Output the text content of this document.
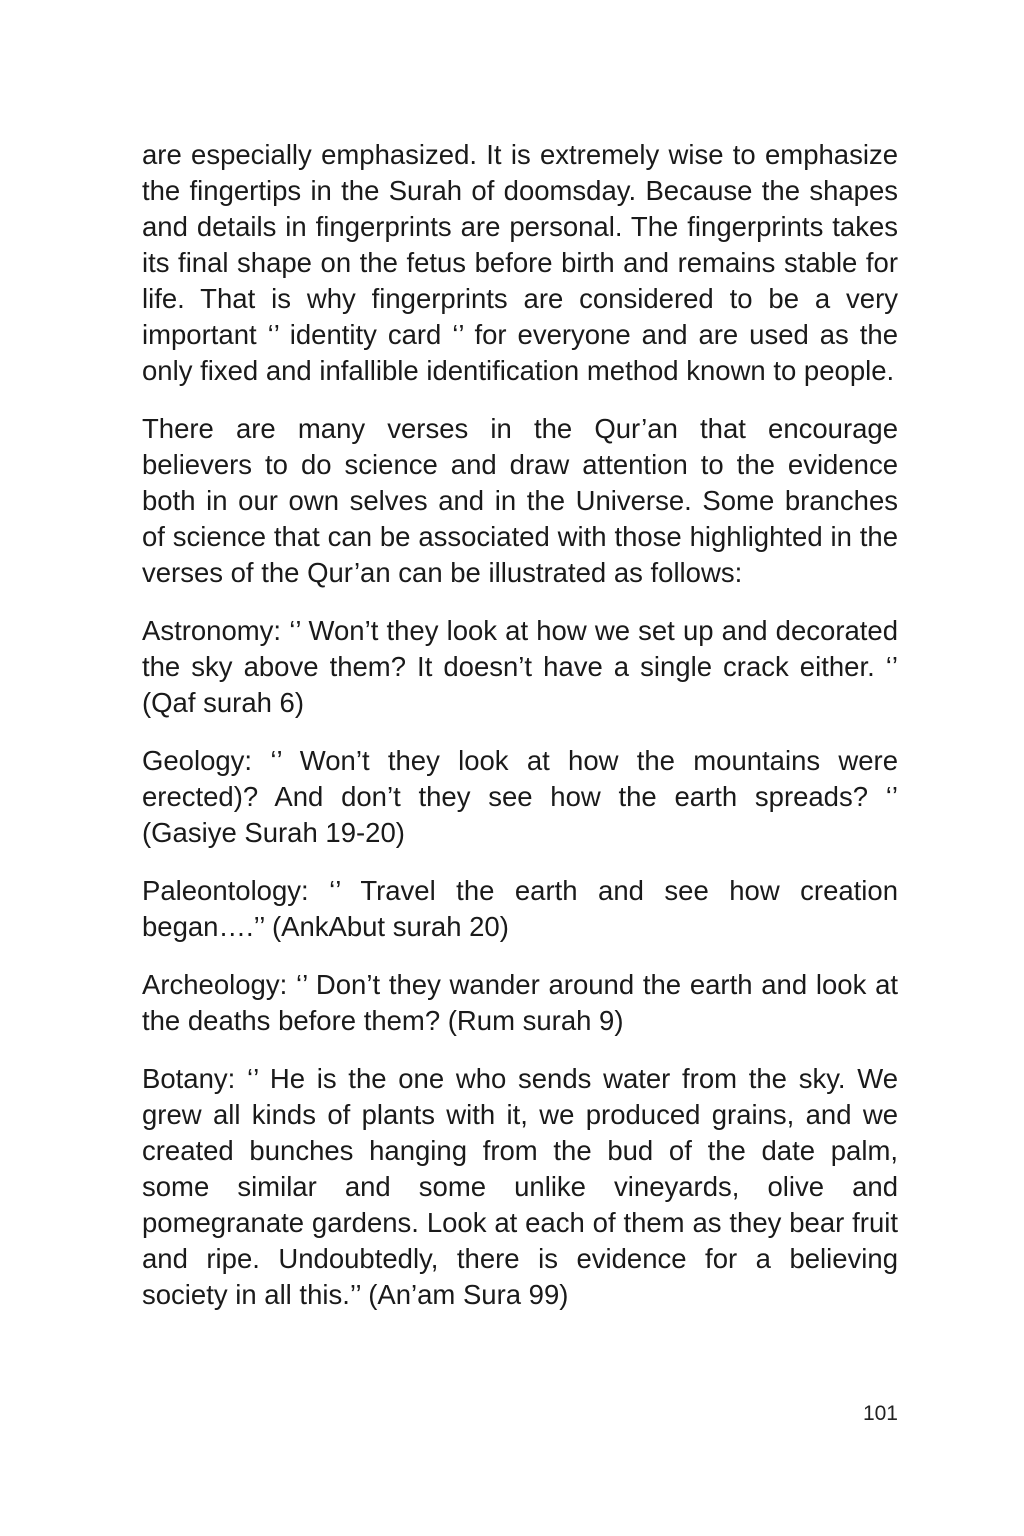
are especially emphasized. It is extremely wise to emphasize the fingertips in the Surah of doomsday. Because the shapes and details in fingerprints are personal. The fingerprints takes its final shape on the fetus before birth and remains stable for life. That is why fingerprints are considered to be a very important ‘’ identity card ‘’ for everyone and are used as the only fixed and infallible identification method known to people.

There are many verses in the Qur’an that encourage believers to do science and draw attention to the evidence both in our own selves and in the Universe. Some branches of science that can be associated with those highlighted in the verses of the Qur’an can be illustrated as follows:

Astronomy: ‘’ Won’t they look at how we set up and decorated the sky above them? It doesn’t have a single crack either. ‘’ (Qaf surah 6)

Geology: ‘’ Won’t they look at how the mountains were erected)? And don’t they see how the earth spreads? ‘’ (Gasiye Surah 19-20)

Paleontology: ‘’ Travel the earth and see how creation began….’’ (AnkAbut surah 20)

Archeology: ‘’ Don’t they wander around the earth and look at the deaths before them? (Rum surah 9)

Botany: ‘’ He is the one who sends water from the sky. We grew all kinds of plants with it, we produced grains, and we created bunches hanging from the bud of the date palm, some similar and some unlike vineyards, olive and pomegranate gardens. Look at each of them as they bear fruit and ripe. Undoubtedly, there is evidence for a believing society in all this.’’ (An’am Sura 99)

101
